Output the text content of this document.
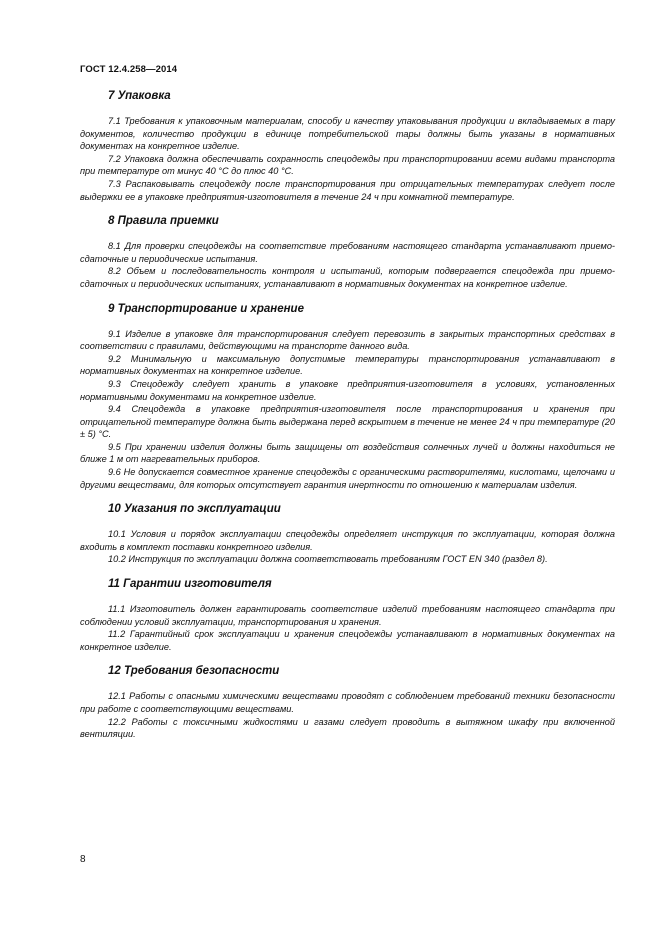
ГОСТ 12.4.258—2014
7 Упаковка

7.1 Требования к упаковочным материалам, способу и качеству упаковывания продукции и вкладываемых в тару документов, количество продукции в единице потребительской тары должны быть указаны в нормативных документах на конкретное изделие.

7.2 Упаковка должна обеспечивать сохранность спецодежды при транспортировании всеми видами транспорта при температуре от минус 40 °С до плюс 40 °С.

7.3 Распаковывать спецодежду после транспортирования при отрицательных температурах следует после выдержки ее в упаковке предприятия-изготовителя в течение 24 ч при комнатной температуре.

8 Правила приемки

8.1 Для проверки спецодежды на соответствие требованиям настоящего стандарта устанавливают приемо-сдаточные и периодические испытания.

8.2 Объем и последовательность контроля и испытаний, которым подвергается спецодежда при приемо-сдаточных и периодических испытаниях, устанавливают в нормативных документах на конкретное изделие.

9 Транспортирование и хранение

9.1 Изделие в упаковке для транспортирования следует перевозить в закрытых транспортных средствах в соответствии с правилами, действующими на транспорте данного вида.

9.2 Минимальную и максимальную допустимые температуры транспортирования устанавливают в нормативных документах на конкретное изделие.

9.3 Спецодежду следует хранить в упаковке предприятия-изготовителя в условиях, установленных нормативными документами на конкретное изделие.

9.4 Спецодежда в упаковке предприятия-изготовителя после транспортирования и хранения при отрицательной температуре должна быть выдержана перед вскрытием в течение не менее 24 ч при температуре (20 ± 5) °С.

9.5 При хранении изделия должны быть защищены от воздействия солнечных лучей и должны находиться не ближе 1 м от нагревательных приборов.

9.6 Не допускается совместное хранение спецодежды с органическими растворителями, кислотами, щелочами и другими веществами, для которых отсутствует гарантия инертности по отношению к материалам изделия.

10 Указания по эксплуатации

10.1 Условия и порядок эксплуатации спецодежды определяет инструкция по эксплуатации, которая должна входить в комплект поставки конкретного изделия.

10.2 Инструкция по эксплуатации должна соответствовать требованиям ГОСТ EN 340 (раздел 8).

11 Гарантии изготовителя

11.1 Изготовитель должен гарантировать соответствие изделий требованиям настоящего стандарта при соблюдении условий эксплуатации, транспортирования и хранения.

11.2 Гарантийный срок эксплуатации и хранения спецодежды устанавливают в нормативных документах на конкретное изделие.

12 Требования безопасности

12.1 Работы с опасными химическими веществами проводят с соблюдением требований техники безопасности при работе с соответствующими веществами.

12.2 Работы с токсичными жидкостями и газами следует проводить в вытяжном шкафу при включенной вентиляции.

8
